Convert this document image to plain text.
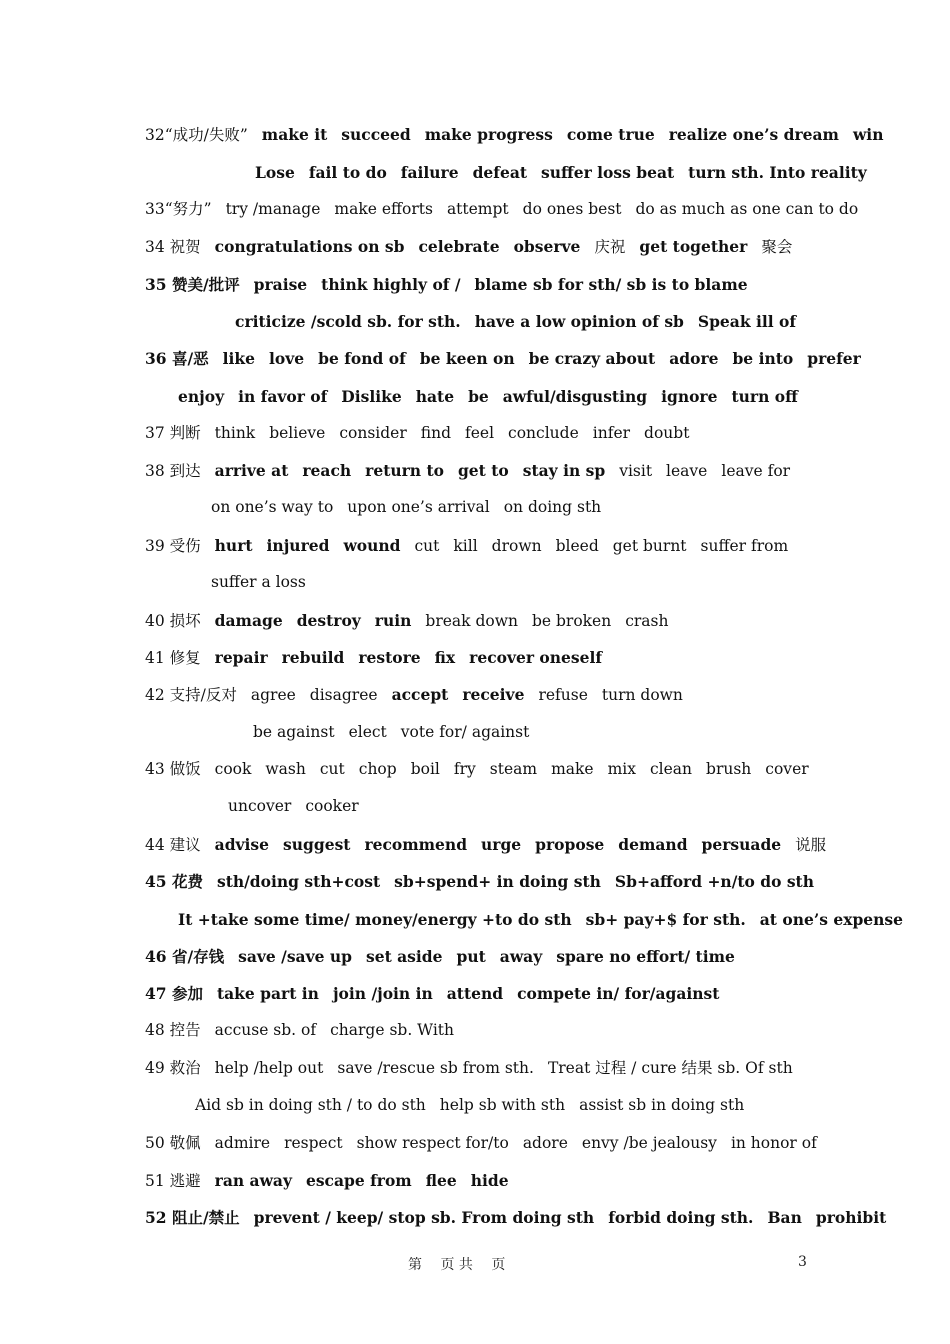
32“成功/失败” make it succeed make progress come true realize one’s dream win
Lose fail to do failure defeat suffer loss beat turn sth. Into reality
33“努力” try /manage make efforts attempt do ones best do as much as one can to do
34 祝贺 congratulations on sb celebrate observe 庆祝 get together 聚会
35 赞美/批评 praise think highly of / blame sb for sth/ sb is to blame
criticize /scold sb. for sth. have a low opinion of sb Speak ill of
36 喜/恶 like love be fond of be keen on be crazy about adore be into prefer
enjoy in favor of Dislike hate be awful/disgusting ignore turn off
37 判断 think believe consider find feel conclude infer doubt
38 到达 arrive at reach return to get to stay in sp visit leave leave for
on one’s way to upon one’s arrival on doing sth
39 受伤 hurt injured wound cut kill drown bleed get burnt suffer from
suffer a loss
40 损坏 damage destroy ruin break down be broken crash
41 修复 repair rebuild restore fix recover oneself
42 支持/反对 agree disagree accept receive refuse turn down
be against elect vote for/ against
43 做饭 cook wash cut chop boil fry steam make mix clean brush cover
uncover cooker
44 建议 advise suggest recommend urge propose demand persuade 说服
45 花费 sth/doing sth+cost sb+spend+ in doing sth Sb+afford +n/to do sth
It +take some time/ money/energy +to do sth sb+ pay+$ for sth. at one’s expense
46 省/存钱 save /save up set aside put away spare no effort/ time
47 参加 take part in join /join in attend compete in/ for/against
48 控告 accuse sb. of charge sb. With
49 救治 help /help out save /rescue sb from sth. Treat 过程 / cure 结果 sb. Of sth
Aid sb in doing sth / to do sth help sb with sth assist sb in doing sth
50 敬佩 admire respect show respect for/to adore envy /be jealousy in honor of
51 逃避 ran away escape from flee hide
52 阻止/禁止 prevent / keep/ stop sb. From doing sth forbid doing sth. Ban prohibit
第　 页 共　 页	3
